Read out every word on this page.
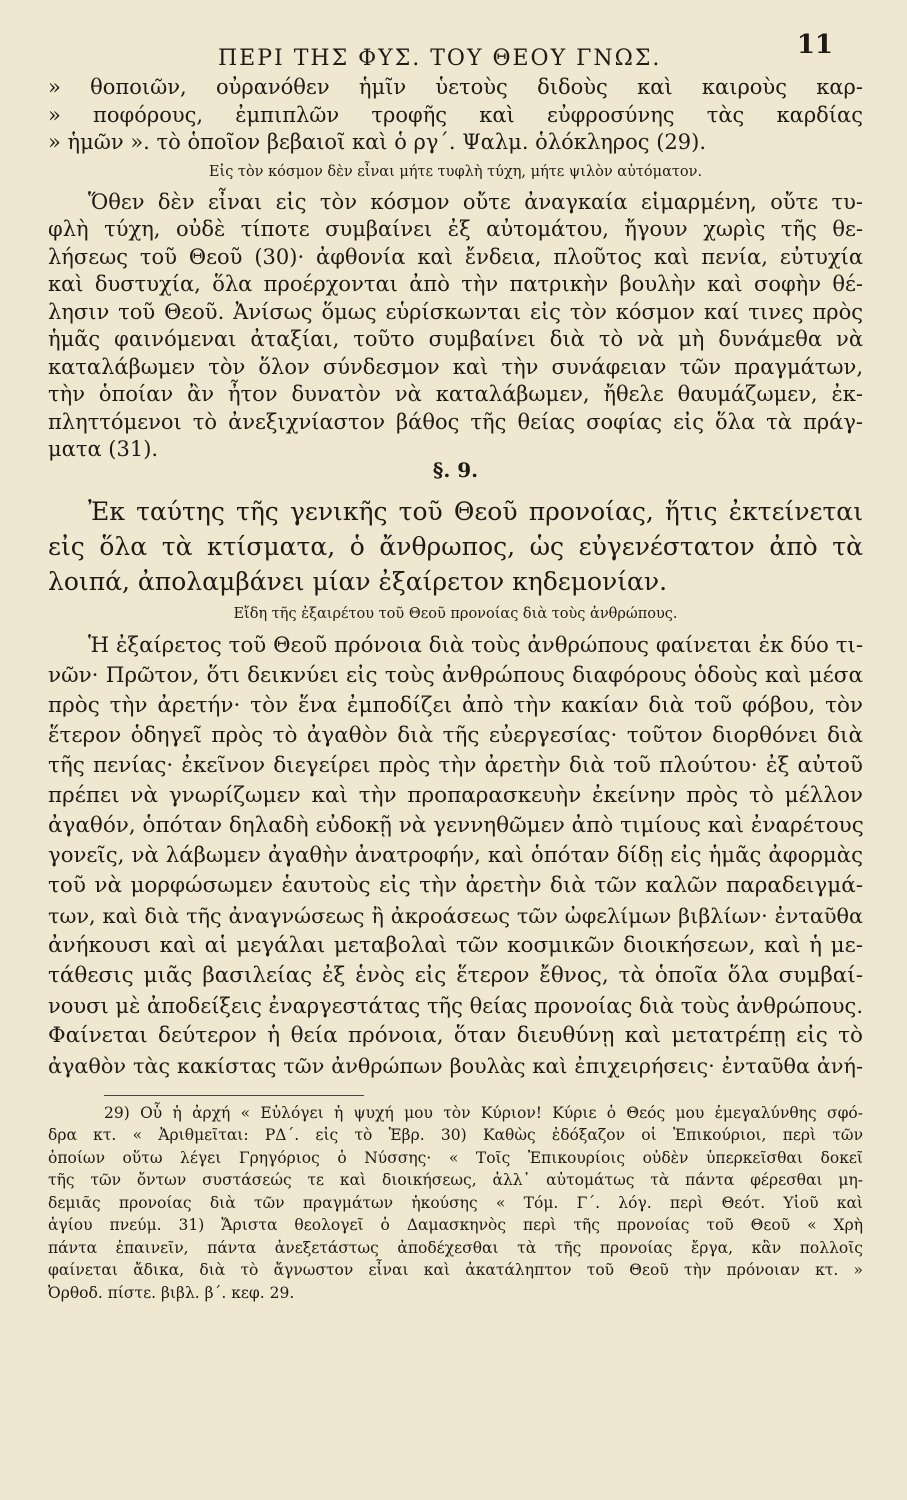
ΠΕΡΙ ΤΗΣ ΦΥΣ. ΤΟΥ ΘΕΟΥ ΓΝΩΣ.	11
» θοποιῶν, οὐρανόθεν ἡμῖν ὑετοὺς διδοὺς καὶ καιροὺς καρ-
» ποφόρους, ἐμπιπλῶν τροφῆς καὶ εὐφροσύνης τὰς καρδίας
» ἡμῶν ». τὸ ὁποῖον βεβαιοῖ καὶ ὁ ργ΄. Ψαλμ. ὁλόκληρος (29).
Εἰς τὸν κόσμον δὲν εἶναι μήτε τυφλὴ τύχη, μήτε ψιλὸν αὐτόματον.
Ὅθεν δὲν εἶναι εἰς τὸν κόσμον οὔτε ἀναγκαία εἱμαρμένη, οὔτε τυ-
φλὴ τύχη, οὐδὲ τίποτε συμβαίνει ἐξ αὐτομάτου, ἤγουν χωρὶς τῆς θε-
λήσεως τοῦ Θεοῦ (30)· ἀφθονία καὶ ἔνδεια, πλοῦτος καὶ πενία, εὐτυχία
καὶ δυστυχία, ὅλα προέρχονται ἀπὸ τὴν πατρικὴν βουλὴν καὶ σοφὴν θέ-
λησιν τοῦ Θεοῦ. Ἀνίσως ὅμως εὑρίσκωνται εἰς τὸν κόσμον καί τινες πρὸς
ἡμᾶς φαινόμεναι ἀταξίαι, τοῦτο συμβαίνει διὰ τὸ νὰ μὴ δυνάμεθα νὰ
καταλάβωμεν τὸν ὅλον σύνδεσμον καὶ τὴν συνάφειαν τῶν πραγμάτων,
τὴν ὁποίαν ἂν ἦτον δυνατὸν νὰ καταλάβωμεν, ἤθελε θαυμάζωμεν, ἐκ-
πληττόμενοι τὸ ἀνεξιχνίαστον βάθος τῆς θείας σοφίας εἰς ὅλα τὰ πράγ-
ματα (31).
§. 9.
Ἐκ ταύτης τῆς γενικῆς τοῦ Θεοῦ προνοίας, ἥτις ἐκτείνεται
εἰς ὅλα τὰ κτίσματα, ὁ ἄνθρωπος, ὡς εὐγενέστατον ἀπὸ τὰ
λοιπά, ἀπολαμβάνει μίαν ἐξαίρετον κηδεμονίαν.
Εἴδη τῆς ἐξαιρέτου τοῦ Θεοῦ προνοίας διὰ τοὺς ἀνθρώπους.
Ἡ ἐξαίρετος τοῦ Θεοῦ πρόνοια διὰ τοὺς ἀνθρώπους φαίνεται ἐκ δύο τι-
νῶν· Πρῶτον, ὅτι δεικνύει εἰς τοὺς ἀνθρώπους διαφόρους ὁδοὺς καὶ μέσα
πρὸς τὴν ἀρετήν· τὸν ἕνα ἐμποδίζει ἀπὸ τὴν κακίαν διὰ τοῦ φόβου, τὸν
ἕτερον ὁδηγεῖ πρὸς τὸ ἀγαθὸν διὰ τῆς εὐεργεσίας· τοῦτον διορθόνει διὰ
τῆς πενίας· ἐκεῖνον διεγείρει πρὸς τὴν ἀρετὴν διὰ τοῦ πλούτου· ἐξ αὐτοῦ
πρέπει νὰ γνωρίζωμεν καὶ τὴν προπαρασκευὴν ἐκείνην πρὸς τὸ μέλλον
ἀγαθόν, ὁπόταν δηλαδὴ εὐδοκῇ νὰ γεννηθῶμεν ἀπὸ τιμίους καὶ ἐναρέτους
γονεῖς, νὰ λάβωμεν ἀγαθὴν ἀνατροφήν, καὶ ὁπόταν δίδῃ εἰς ἡμᾶς ἀφορμὰς
τοῦ νὰ μορφώσωμεν ἑαυτοὺς εἰς τὴν ἀρετὴν διὰ τῶν καλῶν παραδειγμά-
των, καὶ διὰ τῆς ἀναγνώσεως ἢ ἀκροάσεως τῶν ὠφελίμων βιβλίων· ἐνταῦθα
ἀνήκουσι καὶ αἱ μεγάλαι μεταβολαὶ τῶν κοσμικῶν διοικήσεων, καὶ ἡ με-
τάθεσις μιᾶς βασιλείας ἐξ ἑνὸς εἰς ἕτερον ἔθνος, τὰ ὁποῖα ὅλα συμβαί-
νουσι μὲ ἀποδείξεις ἐναργεστάτας τῆς θείας προνοίας διὰ τοὺς ἀνθρώπους.
Φαίνεται δεύτερον ἡ θεία πρόνοια, ὅταν διευθύνῃ καὶ μετατρέπῃ εἰς τὸ
ἀγαθὸν τὰς κακίστας τῶν ἀνθρώπων βουλὰς καὶ ἐπιχειρήσεις· ἐνταῦθα ἀνή-
29) Οὗ ἡ ἀρχή « Εὐλόγει ἡ ψυχή μου τὸν Κύριον! Κύριε ὁ Θεός μου ἐμεγαλύνθης σφό-
δρα κτ. « Ἀριθμεῖται: ΡΔ΄. εἰς τὸ Ἑβρ. 30) Καθὼς ἐδόξαζον οἱ Ἐπικούριοι, περὶ τῶν
ὁποίων οὕτω λέγει Γρηγόριος ὁ Νύσσης· « Τοῖς Ἐπικουρίοις οὐδὲν ὑπερκεῖσθαι δοκεῖ
τῆς τῶν ὄντων συστάσεώς τε καὶ διοικήσεως, ἀλλ᾽ αὐτομάτως τὰ πάντα φέρεσθαι μη-
δεμιᾶς προνοίας διὰ τῶν πραγμάτων ἡκούσης « Τόμ. Γ΄. λόγ. περὶ Θεότ. Υἱοῦ καὶ
ἁγίου πνεύμ. 31) Ἄριστα θεολογεῖ ὁ Δαμασκηνὸς περὶ τῆς προνοίας τοῦ Θεοῦ « Χρὴ
πάντα ἐπαινεῖν, πάντα ἀνεξετάστως ἀποδέχεσθαι τὰ τῆς προνοίας ἔργα, κἂν πολλοῖς
φαίνεται ἄδικα, διὰ τὸ ἄγνωστον εἶναι καὶ ἀκατάληπτον τοῦ Θεοῦ τὴν πρόνοιαν κτ. »
Ὀρθοδ. πίστε. βιβλ. β΄. κεφ. 29.
